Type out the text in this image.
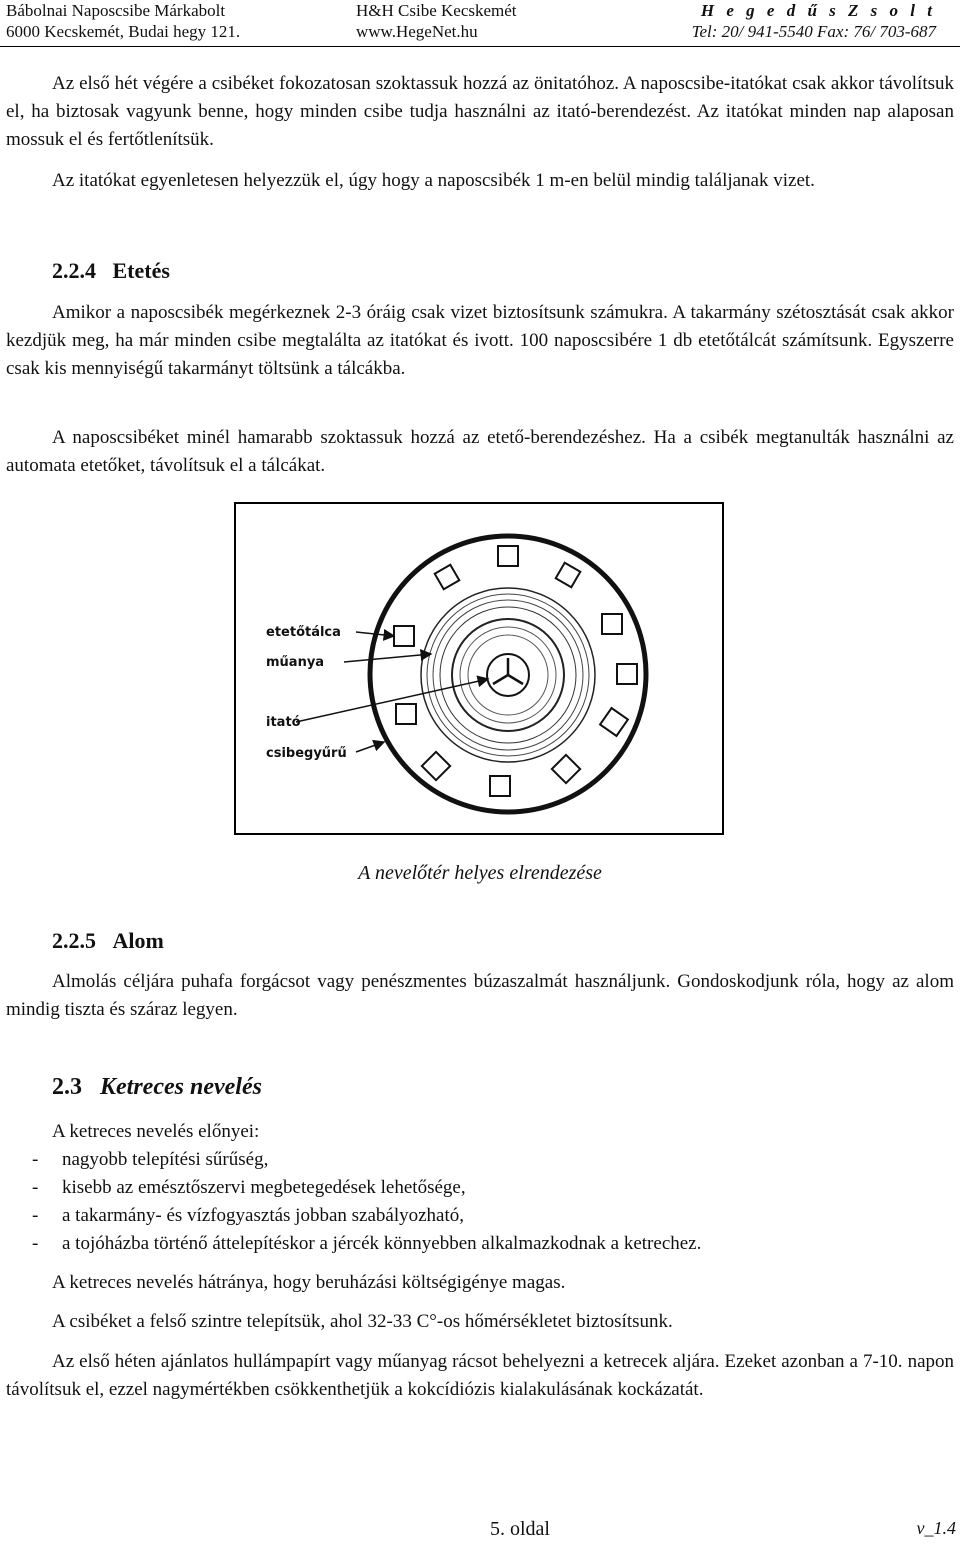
Bábolnai Naposcsibe Márkabolt	H&H Csibe Kecskemét	H e g e d ű s Z s o l t
6000 Kecskemét, Budai hegy 121.	www.HegeNet.hu	Tel: 20/ 941-5540 Fax: 76/ 703-687

Az első hét végére a csibéket fokozatosan szoktassuk hozzá az önitatóhoz. A naposcsibe-itatókat csak akkor távolítsuk el, ha biztosak vagyunk benne, hogy minden csibe tudja használni az itató-berendezést. Az itatókat minden nap alaposan mossuk el és fertőtlenítsük.

Az itatókat egyenletesen helyezzük el, úgy hogy a naposcsibék 1 m-en belül mindig találjanak vizet.

2.2.4 Etetés

Amikor a naposcsibék megérkeznek 2-3 óráig csak vizet biztosítsunk számukra. A takarmány szétosztását csak akkor kezdjük meg, ha már minden csibe megtalálta az itatókat és ivott. 100 naposcsibére 1 db etetőtálcát számítsunk. Egyszerre csak kis mennyiségű takarmányt töltsünk a tálcákba.

A naposcsibéket minél hamarabb szoktassuk hozzá az etető-berendezéshez. Ha a csibék megtanulták használni az automata etetőket, távolítsuk el a tálcákat.

etetőtálca
műanya
itató
csibegyűrű
A nevelőtér helyes elrendezése
2.2.5 Alom

Almolás céljára puhafa forgácsot vagy penészmentes búzaszalmát használjunk. Gondoskodjunk róla, hogy az alom mindig tiszta és száraz legyen.

2.3 Ketreces nevelés

A ketreces nevelés előnyei:

- nagyobb telepítési sűrűség,
- kisebb az emésztőszervi megbetegedések lehetősége,
- a takarmány- és vízfogyasztás jobban szabályozható,
- a tojóházba történő áttelepítéskor a jércék könnyebben alkalmazkodnak a ketrechez.

A ketreces nevelés hátránya, hogy beruházási költségigénye magas.

A csibéket a felső szintre telepítsük, ahol 32-33 C°-os hőmérsékletet biztosítsunk.

Az első héten ajánlatos hullámpapírt vagy műanyag rácsot behelyezni a ketrecek aljára. Ezeket azonban a 7-10. napon távolítsuk el, ezzel nagymértékben csökkenthetjük a kokcídiózis kialakulásának kockázatát.

5. oldal	v_1.4
